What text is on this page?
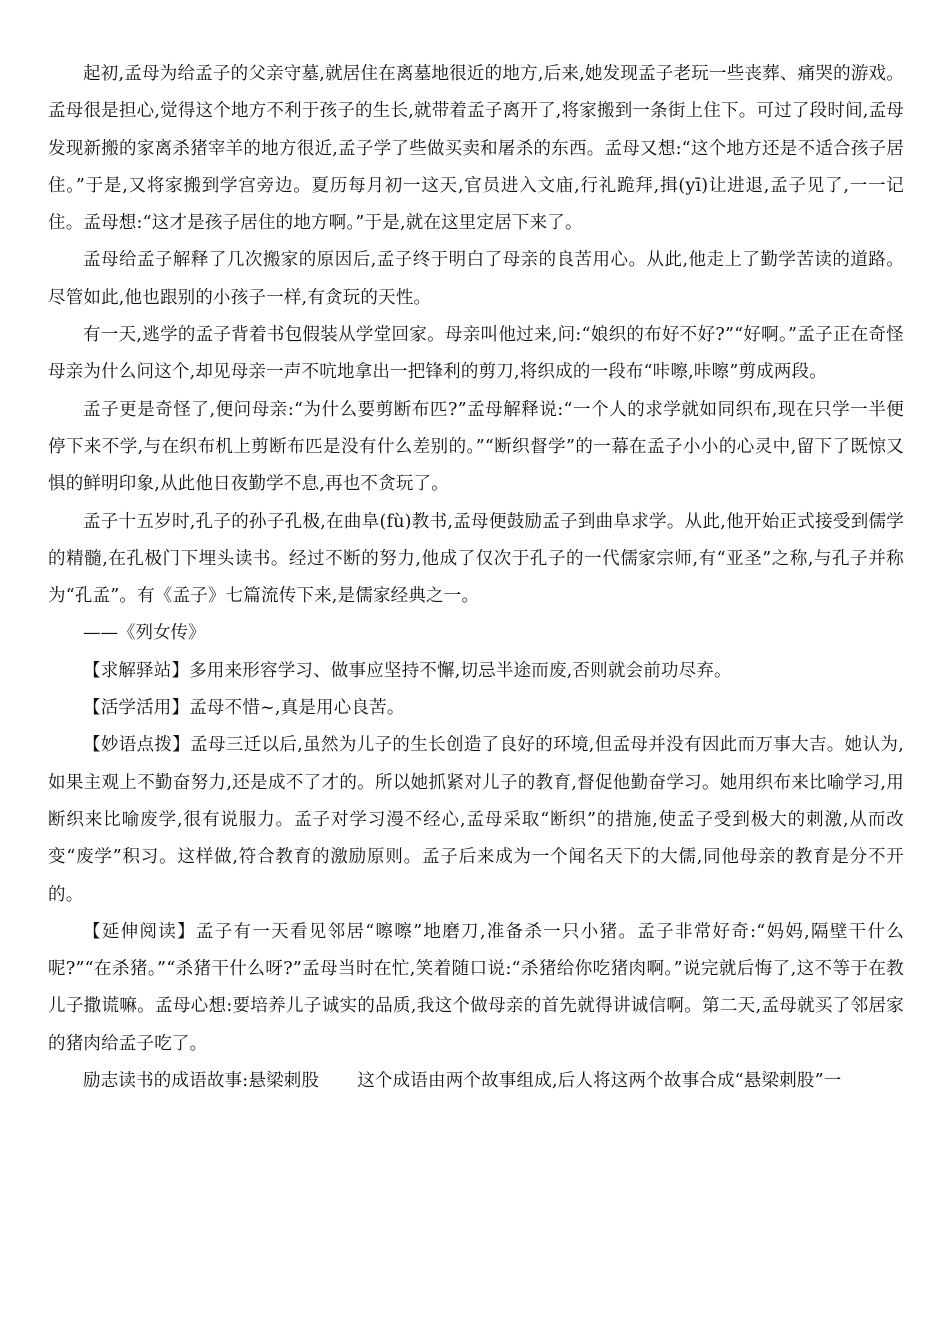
起初,孟母为给孟子的父亲守墓,就居住在离墓地很近的地方,后来,她发现孟子老玩一些丧葬、痛哭的游戏。孟母很是担心,觉得这个地方不利于孩子的生长,就带着孟子离开了,将家搬到一条街上住下。可过了段时间,孟母发现新搬的家离杀猪宰羊的地方很近,孟子学了些做买卖和屠杀的东西。孟母又想:“这个地方还是不适合孩子居住。”于是,又将家搬到学宫旁边。夏历每月初一这天,官员进入文庙,行礼跪拜,揖(yī)让进退,孟子见了,一一记住。孟母想:“这才是孩子居住的地方啊。”于是,就在这里定居下来了。

孟母给孟子解释了几次搬家的原因后,孟子终于明白了母亲的良苦用心。从此,他走上了勤学苦读的道路。尽管如此,他也跟别的小孩子一样,有贪玩的天性。

有一天,逃学的孟子背着书包假装从学堂回家。母亲叫他过来,问:“娘织的布好不好?”“好啊。”孟子正在奇怪母亲为什么问这个,却见母亲一声不吭地拿出一把锋利的剪刀,将织成的一段布“咔嚓,咔嚓”剪成两段。

孟子更是奇怪了,便问母亲:“为什么要剪断布匹?”孟母解释说:“一个人的求学就如同织布,现在只学一半便停下来不学,与在织布机上剪断布匹是没有什么差别的。”“断织督学”的一幕在孟子小小的心灵中,留下了既惊又惧的鲜明印象,从此他日夜勤学不息,再也不贪玩了。

孟子十五岁时,孔子的孙子孔极,在曲阜(fù)教书,孟母便鼓励孟子到曲阜求学。从此,他开始正式接受到儒学的精髓,在孔极门下埋头读书。经过不断的努力,他成了仅次于孔子的一代儒家宗师,有“亚圣”之称,与孔子并称为“孔孟”。有《孟子》七篇流传下来,是儒家经典之一。

——《列女传》

【求解驿站】多用来形容学习、做事应坚持不懈,切忌半途而废,否则就会前功尽弃。

【活学活用】孟母不惜~,真是用心良苦。

【妙语点拨】孟母三迁以后,虽然为儿子的生长创造了良好的环境,但孟母并没有因此而万事大吉。她认为,如果主观上不勤奋努力,还是成不了才的。所以她抓紧对儿子的教育,督促他勤奋学习。她用织布来比喻学习,用断织来比喻废学,很有说服力。孟子对学习漫不经心,孟母采取“断织”的措施,使孟子受到极大的刺激,从而改变“废学”积习。这样做,符合教育的激励原则。孟子后来成为一个闻名天下的大儒,同他母亲的教育是分不开的。

【延伸阅读】孟子有一天看见邻居“嚓嚓”地磨刀,准备杀一只小猪。孟子非常好奇:“妈妈,隔壁干什么呢?”“在杀猪。”“杀猪干什么呀?”孟母当时在忙,笑着随口说:“杀猪给你吃猪肉啊。”说完就后悔了,这不等于在教儿子撒谎嘛。孟母心想:要培养儿子诚实的品质,我这个做母亲的首先就得讲诚信啊。第二天,孟母就买了邻居家的猪肉给孟子吃了。

励志读书的成语故事:悬梁刺股 这个成语由两个故事组成,后人将这两个故事合成“悬梁刺股”一
